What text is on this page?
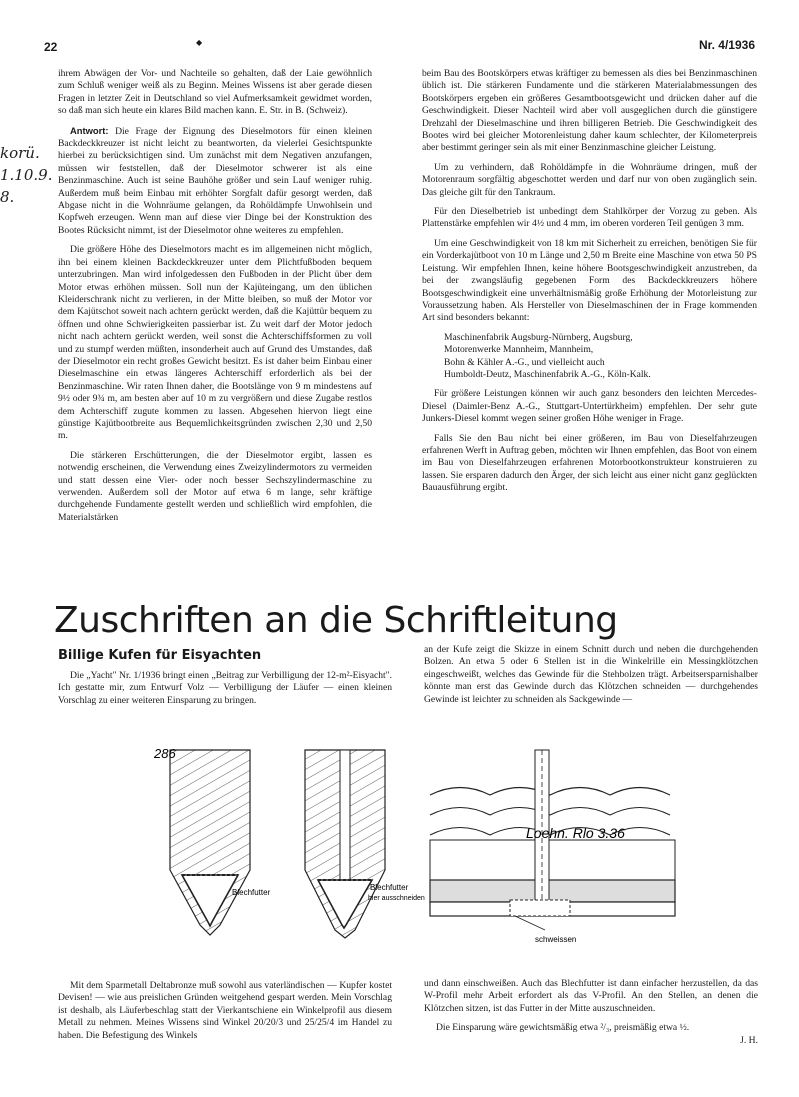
22	◆	Nr. 4/1936
korü.
1.10.9.
8.

ihrem Abwägen der Vor- und Nachteile so gehalten, daß der Laie gewöhnlich zum Schluß weniger weiß als zu Beginn. Meines Wissens ist aber gerade diesen Fragen in letzter Zeit in Deutschland so viel Aufmerksamkeit gewidmet worden, so daß man sich heute ein klares Bild machen kann. E. Str. in B. (Schweiz).

Antwort: Die Frage der Eignung des Dieselmotors für einen kleinen Backdeckkreuzer ist nicht leicht zu beantworten, da vielerlei Gesichtspunkte hierbei zu berücksichtigen sind. Um zunächst mit dem Negativen anzufangen, müssen wir feststellen, daß der Dieselmotor schwerer ist als eine Benzinmaschine. Auch ist seine Bauhöhe größer und sein Lauf weniger ruhig. Außerdem muß beim Einbau mit erhöhter Sorgfalt dafür gesorgt werden, daß Abgase nicht in die Wohnräume gelangen, da Rohöldämpfe Unwohlsein und Kopfweh erzeugen. Wenn man auf diese vier Dinge bei der Konstruktion des Bootes Rücksicht nimmt, ist der Dieselmotor ohne weiteres zu empfehlen.

Die größere Höhe des Dieselmotors macht es im allgemeinen nicht möglich, ihn bei einem kleinen Backdeckkreuzer unter dem Plichtfußboden bequem unterzubringen. Man wird infolgedessen den Fußboden in der Plicht über dem Motor etwas erhöhen müssen. Soll nun der Kajüteingang, um den üblichen Kleiderschrank nicht zu verlieren, in der Mitte bleiben, so muß der Motor vor dem Kajütschot soweit nach achtern gerückt werden, daß die Kajüttür bequem zu öffnen und ohne Schwierigkeiten passierbar ist. Zu weit darf der Motor jedoch nicht nach achtern gerückt werden, weil sonst die Achterschiffsformen zu voll und zu stumpf werden müßten, insonderheit auch auf Grund des Umstandes, daß der Dieselmotor ein recht großes Gewicht besitzt. Es ist daher beim Einbau einer Dieselmaschine ein etwas längeres Achterschiff erforderlich als bei der Benzinmaschine. Wir raten Ihnen daher, die Bootslänge von 9 m mindestens auf 9½ oder 9¾ m, am besten aber auf 10 m zu vergrößern und diese Zugabe restlos dem Achterschiff zugute kommen zu lassen. Abgesehen hiervon liegt eine günstige Kajütbootbreite aus Bequemlichkeitsgründen zwischen 2,30 und 2,50 m.

Die stärkeren Erschütterungen, die der Dieselmotor ergibt, lassen es notwendig erscheinen, die Verwendung eines Zweizylindermotors zu vermeiden und statt dessen eine Vier- oder noch besser Sechszylindermaschine zu verwenden. Außerdem soll der Motor auf etwa 6 m lange, sehr kräftige durchgehende Fundamente gestellt werden und schließlich wird empfohlen, die Materialstärken

beim Bau des Bootskörpers etwas kräftiger zu bemessen als dies bei Benzinmaschinen üblich ist. Die stärkeren Fundamente und die stärkeren Materialabmessungen des Bootskörpers ergeben ein größeres Gesamtbootsgewicht und drücken daher auf die Geschwindigkeit. Dieser Nachteil wird aber voll ausgeglichen durch die günstigere Drehzahl der Dieselmaschine und ihren billigeren Betrieb. Die Geschwindigkeit des Bootes wird bei gleicher Motorenleistung daher kaum schlechter, der Kilometerpreis aber bestimmt geringer sein als mit einer Benzinmaschine gleicher Leistung.

Um zu verhindern, daß Rohöldämpfe in die Wohnräume dringen, muß der Motorenraum sorgfältig abgeschottet werden und darf nur von oben zugänglich sein. Das gleiche gilt für den Tankraum.

Für den Dieselbetrieb ist unbedingt dem Stahlkörper der Vorzug zu geben. Als Plattenstärke empfehlen wir 4½ und 4 mm, im oberen vorderen Teil genügen 3 mm.

Um eine Geschwindigkeit von 18 km mit Sicherheit zu erreichen, benötigen Sie für ein Vorderkajütboot von 10 m Länge und 2,50 m Breite eine Maschine von etwa 50 PS Leistung. Wir empfehlen Ihnen, keine höhere Bootsgeschwindigkeit anzustreben, da bei der zwangsläufig gegebenen Form des Backdeckkreuzers höhere Bootsgeschwindigkeit eine unverhältnismäßig große Erhöhung der Motorleistung zur Voraussetzung haben. Als Hersteller von Dieselmaschinen der in Frage kommenden Art sind besonders bekannt:

Maschinenfabrik Augsburg-Nürnberg, Augsburg,
Motorenwerke Mannheim, Mannheim,
Bohn & Kähler A.-G., und vielleicht auch
Humboldt-Deutz, Maschinenfabrik A.-G., Köln-Kalk.

Für größere Leistungen können wir auch ganz besonders den leichten Mercedes-Diesel (Daimler-Benz A.-G., Stuttgart-Untertürkheim) empfehlen. Der sehr gute Junkers-Diesel kommt wegen seiner großen Höhe weniger in Frage.

Falls Sie den Bau nicht bei einer größeren, im Bau von Dieselfahrzeugen erfahrenen Werft in Auftrag geben, möchten wir Ihnen empfehlen, das Boot von einem im Bau von Dieselfahrzeugen erfahrenen Motorbootkonstrukteur konstruieren zu lassen. Sie ersparen dadurch den Ärger, der sich leicht aus einer nicht ganz geglückten Bauausführung ergibt.

Zuschriften an die Schriftleitung
Billige Kufen für Eisyachten

Die „Yacht" Nr. 1/1936 bringt einen „Beitrag zur Verbilligung der 12-m²-Eisyacht". Ich gestatte mir, zum Entwurf Volz — Verbilligung der Läufer — einen kleinen Vorschlag zu einer weiteren Einsparung zu bringen.

an der Kufe zeigt die Skizze in einem Schnitt durch und neben die durchgehenden Bolzen. An etwa 5 oder 6 Stellen ist in die Winkelrille ein Messingklötzchen eingeschweißt, welches das Gewinde für die Stehbolzen trägt. Arbeitsersparnishalber könnte man erst das Gewinde durch das Klötzchen schneiden — durchgehendes Gewinde ist leichter zu schneiden als Sackgewinde —

Blechfutter
286
Blechfutter
hier ausschneiden
schweissen
Loehn. Rlo 3.36

Mit dem Sparmetall Deltabronze muß sowohl aus vaterländischen — Kupfer kostet Devisen! — wie aus preislichen Gründen weitgehend gespart werden. Mein Vorschlag ist deshalb, als Läuferbeschlag statt der Vierkantschiene ein Winkelprofil aus diesem Metall zu nehmen. Meines Wissens sind Winkel 20/20/3 und 25/25/4 im Handel zu haben. Die Befestigung des Winkels

und dann einschweißen. Auch das Blechfutter ist dann einfacher herzustellen, da das W-Profil mehr Arbeit erfordert als das V-Profil. An den Stellen, an denen die Klötzchen sitzen, ist das Futter in der Mitte auszuschneiden.

Die Einsparung wäre gewichtsmäßig etwa ²/₃, preismäßig etwa ½.
J. H.
